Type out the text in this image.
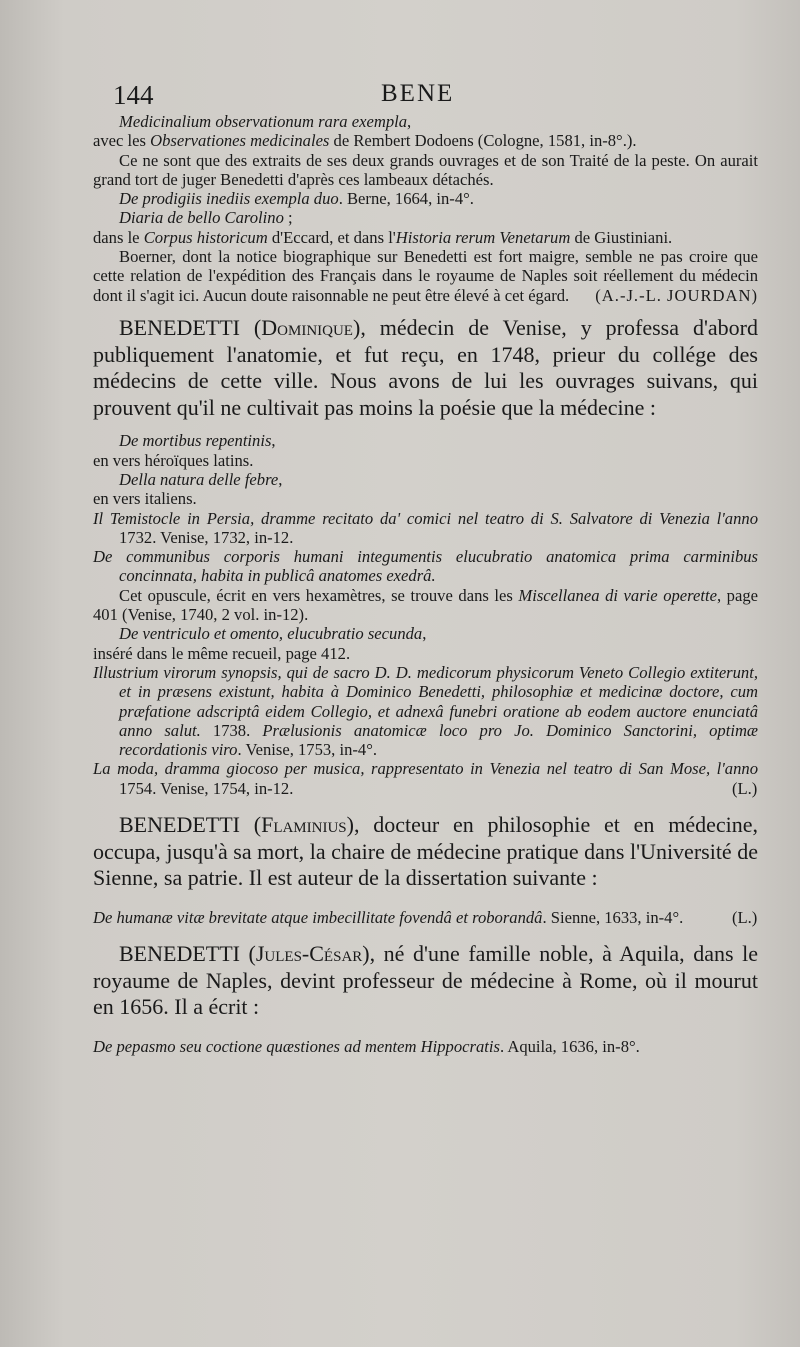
144	BENE

Medicinalium observationum rara exempla,

avec les Observationes medicinales de Rembert Dodoens (Cologne, 1581, in-8°.).

Ce ne sont que des extraits de ses deux grands ouvrages et de son Traité de la peste. On aurait grand tort de juger Benedetti d'après ces lambeaux détachés.

De prodigiis inediis exempla duo. Berne, 1664, in-4°.

Diaria de bello Carolino ;

dans le Corpus historicum d'Eccard, et dans l'Historia rerum Venetarum de Giustiniani.

Boerner, dont la notice biographique sur Benedetti est fort maigre, semble ne pas croire que cette relation de l'expédition des Français dans le royaume de Naples soit réellement du médecin dont il s'agit ici. Aucun doute raisonnable ne peut être élevé à cet égard.	(A.-J.-L. JOURDAN)

BENEDETTI (Dominique), médecin de Venise, y professa d'abord publiquement l'anatomie, et fut reçu, en 1748, prieur du collége des médecins de cette ville. Nous avons de lui les ouvrages suivans, qui prouvent qu'il ne cultivait pas moins la poésie que la médecine :

De mortibus repentinis,

en vers héroïques latins.

Della natura delle febre,

en vers italiens.

Il Temistocle in Persia, dramme recitato da' comici nel teatro di S. Salvatore di Venezia l'anno 1732. Venise, 1732, in-12.

De communibus corporis humani integumentis elucubratio anatomica prima carminibus concinnata, habita in publicâ anatomes exedrâ.

Cet opuscule, écrit en vers hexamètres, se trouve dans les Miscellanea di varie operette, page 401 (Venise, 1740, 2 vol. in-12).

De ventriculo et omento, elucubratio secunda,

inséré dans le même recueil, page 412.

Illustrium virorum synopsis, qui de sacro D. D. medicorum physicorum Veneto Collegio extiterunt, et in præsens existunt, habita à Dominico Benedetti, philosophiæ et medicinæ doctore, cum præfatione adscriptâ eidem Collegio, et adnexâ funebri oratione ab eodem auctore enunciatâ anno salut. 1738. Prælusionis anatomicæ loco pro Jo. Dominico Sanctorini, optimæ recordationis viro. Venise, 1753, in-4°.

La moda, dramma giocoso per musica, rappresentato in Venezia nel teatro di San Mose, l'anno 1754. Venise, 1754, in-12.	(L.)

BENEDETTI (Flaminius), docteur en philosophie et en médecine, occupa, jusqu'à sa mort, la chaire de médecine pratique dans l'Université de Sienne, sa patrie. Il est auteur de la dissertation suivante :

De humanæ vitæ brevitate atque imbecillitate fovendâ et roborandâ. Sienne, 1633, in-4°.	(L.)

BENEDETTI (Jules-César), né d'une famille noble, à Aquila, dans le royaume de Naples, devint professeur de médecine à Rome, où il mourut en 1656. Il a écrit :

De pepasmo seu coctione quæstiones ad mentem Hippocratis. Aquila, 1636, in-8°.
